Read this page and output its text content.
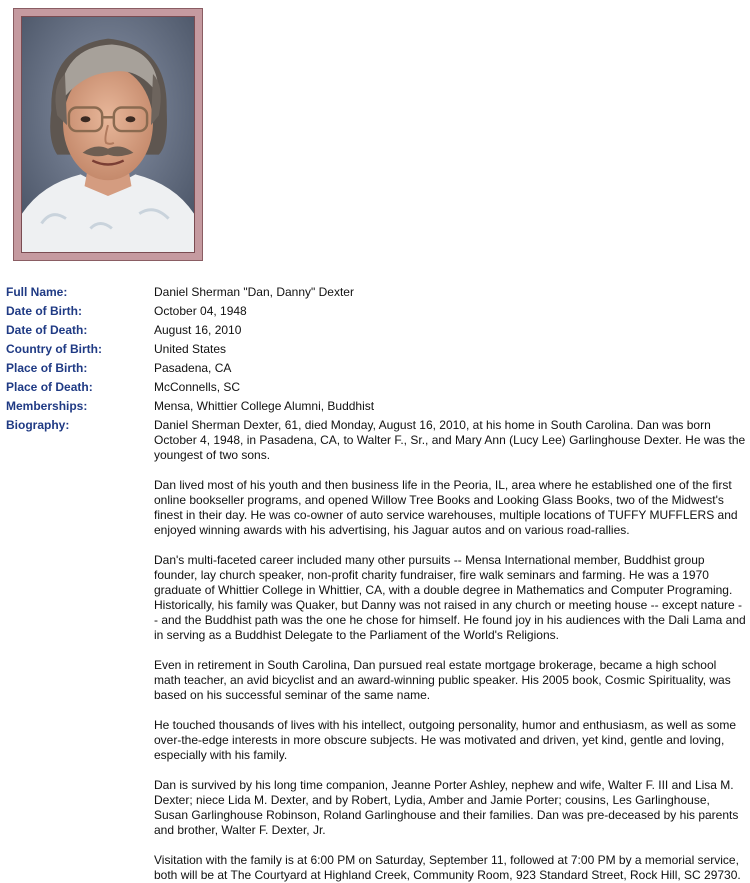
Full Name:	Daniel Sherman "Dan, Danny" Dexter
Date of Birth:	October 04, 1948
Date of Death:	August 16, 2010
Country of Birth:	United States
Place of Birth:	Pasadena, CA
Place of Death:	McConnells, SC
Memberships:	Mensa, Whittier College Alumni, Buddhist
Biography:	Daniel Sherman Dexter, 61, died Monday, August 16, 2010, at his home in South Carolina. Dan was born October 4, 1948, in Pasadena, CA, to Walter F., Sr., and Mary Ann (Lucy Lee) Garlinghouse Dexter. He was the youngest of two sons.

Dan lived most of his youth and then business life in the Peoria, IL, area where he established one of the first online bookseller programs, and opened Willow Tree Books and Looking Glass Books, two of the Midwest's finest in their day. He was co-owner of auto service warehouses, multiple locations of TUFFY MUFFLERS and enjoyed winning awards with his advertising, his Jaguar autos and on various road-rallies.

Dan's multi-faceted career included many other pursuits -- Mensa International member, Buddhist group founder, lay church speaker, non-profit charity fundraiser, fire walk seminars and farming. He was a 1970 graduate of Whittier College in Whittier, CA, with a double degree in Mathematics and Computer Programing. Historically, his family was Quaker, but Danny was not raised in any church or meeting house -- except nature -- and the Buddhist path was the one he chose for himself. He found joy in his audiences with the Dali Lama and in serving as a Buddhist Delegate to the Parliament of the World's Religions.

Even in retirement in South Carolina, Dan pursued real estate mortgage brokerage, became a high school math teacher, an avid bicyclist and an award-winning public speaker. His 2005 book, Cosmic Spirituality, was based on his successful seminar of the same name.

He touched thousands of lives with his intellect, outgoing personality, humor and enthusiasm, as well as some over-the-edge interests in more obscure subjects. He was motivated and driven, yet kind, gentle and loving, especially with his family.

Dan is survived by his long time companion, Jeanne Porter Ashley, nephew and wife, Walter F. III and Lisa M. Dexter; niece Lida M. Dexter, and by Robert, Lydia, Amber and Jamie Porter; cousins, Les Garlinghouse, Susan Garlinghouse Robinson, Roland Garlinghouse and their families. Dan was pre-deceased by his parents and brother, Walter F. Dexter, Jr.

Visitation with the family is at 6:00 PM on Saturday, September 11, followed at 7:00 PM by a memorial service, both will be at The Courtyard at Highland Creek, Community Room, 923 Standard Street, Rock Hill, SC 29730.
